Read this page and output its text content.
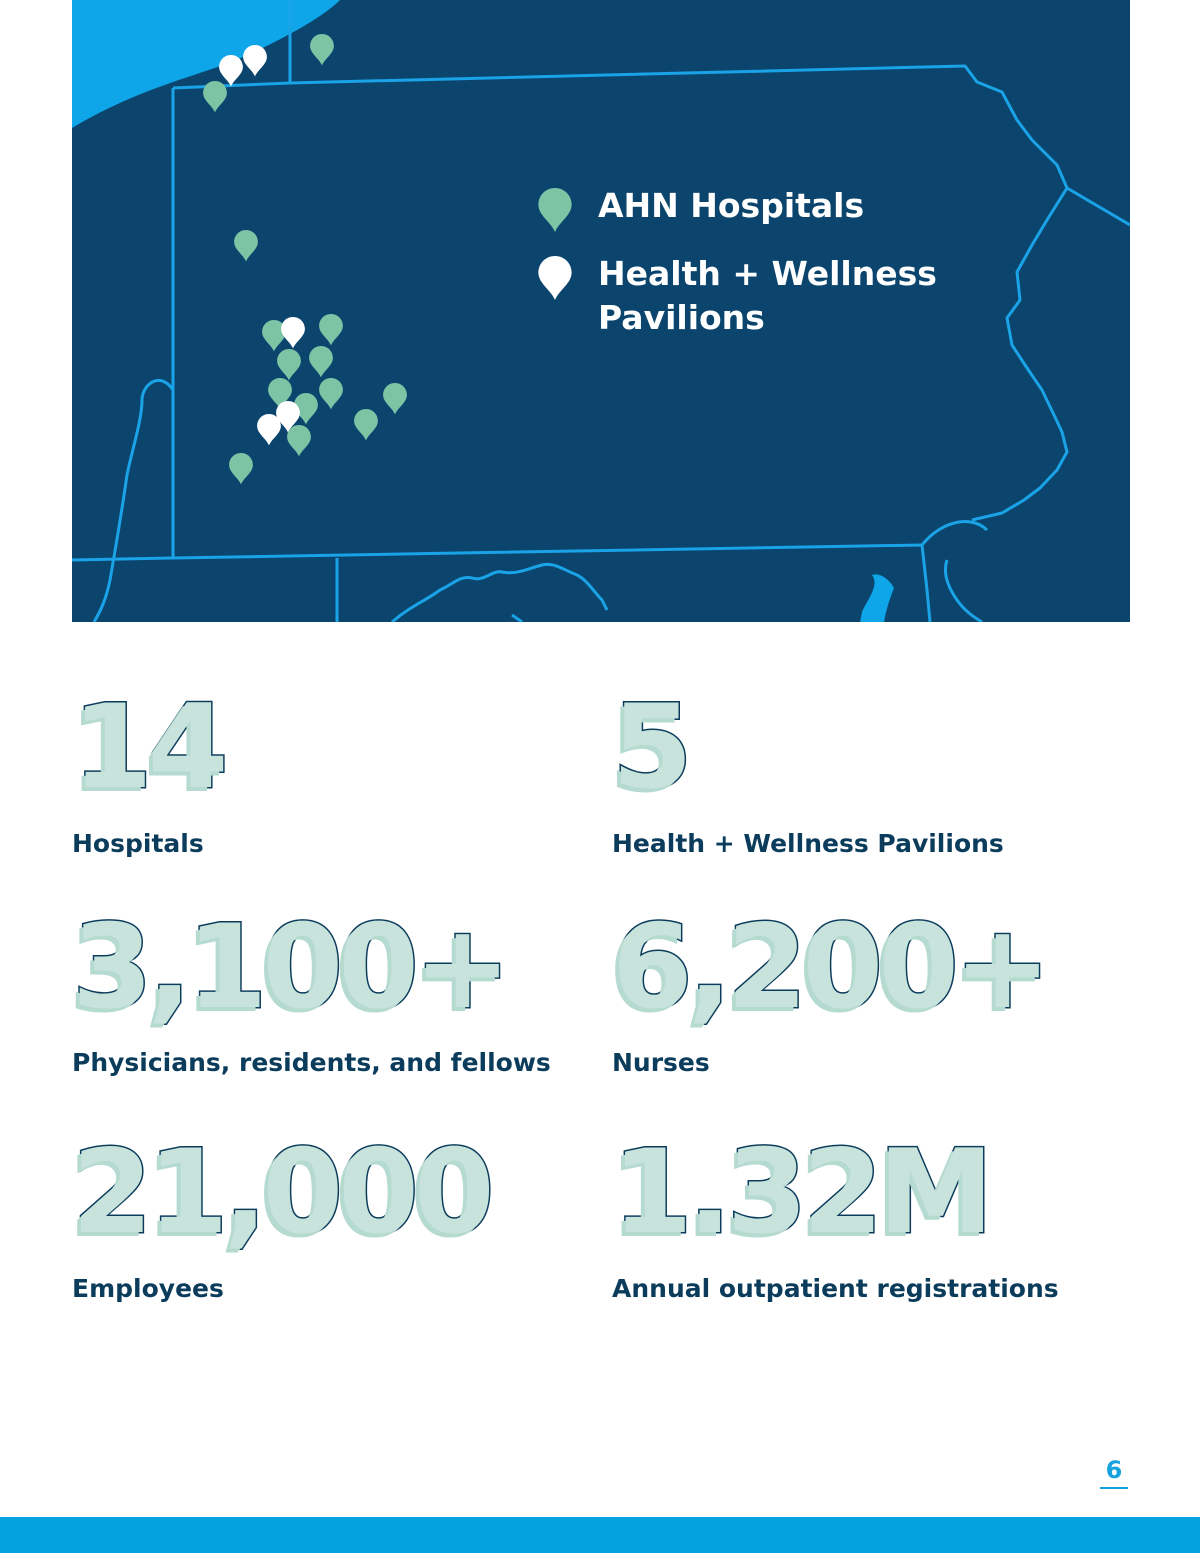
AHN Hospitals
Health + Wellness Pavilions
14
Hospitals
5
Health + Wellness Pavilions
3,100+
Physicians, residents, and fellows
6,200+
Nurses
21,000
Employees
1.32M
Annual outpatient registrations
6
